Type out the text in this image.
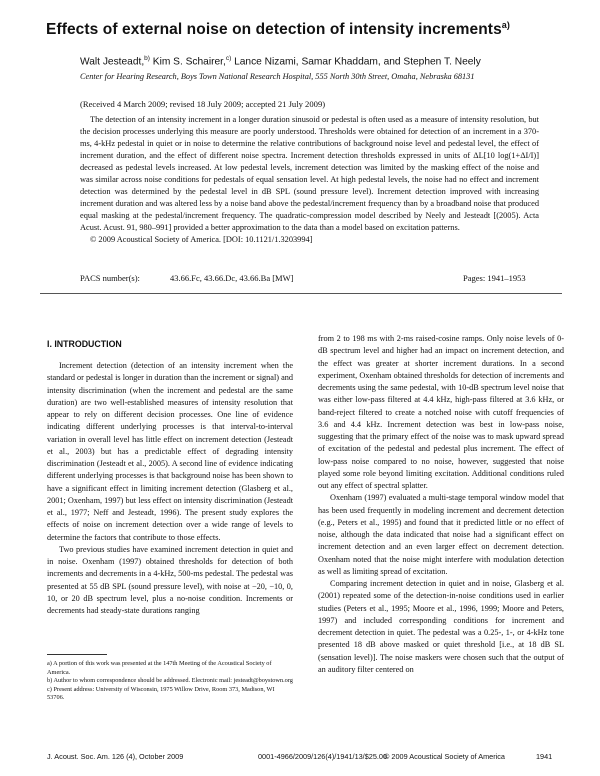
Effects of external noise on detection of intensity increments$^{a)}$
Walt Jesteadt,$^{b)}$ Kim S. Schairer,$^{c)}$ Lance Nizami, Samar Khaddam, and Stephen T. Neely
Center for Hearing Research, Boys Town National Research Hospital, 555 North 30th Street, Omaha, Nebraska 68131
(Received 4 March 2009; revised 18 July 2009; accepted 21 July 2009)

The detection of an intensity increment in a longer duration sinusoid or pedestal is often used as a measure of intensity resolution, but the decision processes underlying this measure are poorly understood. Thresholds were obtained for detection of an increment in a 370-ms, 4-kHz pedestal in quiet or in noise to determine the relative contributions of background noise level and pedestal level, the effect of increment duration, and the effect of different noise spectra. Increment detection thresholds expressed in units of ΔL[10 log(1+ΔI/I)] decreased as pedestal levels increased. At low pedestal levels, increment detection was limited by the masking effect of the noise and was similar across noise conditions for pedestals of equal sensation level. At high pedestal levels, the noise had no effect and increment detection was determined by the pedestal level in dB SPL (sound pressure level). Increment detection improved with increasing increment duration and was altered less by a noise band above the pedestal/increment frequency than by a broadband noise that produced equal masking at the pedestal/increment frequency. The quadratic-compression model described by Neely and Jesteadt [(2005). Acta Acust. Acust. 91, 980–991] provided a better approximation to the data than a model based on excitation patterns.

© 2009 Acoustical Society of America. [DOI: 10.1121/1.3203994]

PACS number(s):	43.66.Fc, 43.66.Dc, 43.66.Ba [MW]	Pages: 1941–1953
I. INTRODUCTION

Increment detection (detection of an intensity increment when the standard or pedestal is longer in duration than the increment or signal) and intensity discrimination (when the increment and pedestal are the same duration) are two well-established measures of intensity resolution that appear to rely on different decision processes. One line of evidence indicating different underlying processes is that interval-to-interval variation in overall level has little effect on increment detection (Jesteadt et al., 2003) but has a predictable effect of degrading intensity discrimination (Jesteadt et al., 2005). A second line of evidence indicating different underlying processes is that background noise has been shown to have a significant effect in limiting increment detection (Glasberg et al., 2001; Oxenham, 1997) but less effect on intensity discrimination (Jesteadt et al., 1977; Neff and Jesteadt, 1996). The present study explores the effects of noise on increment detection over a wide range of levels to determine the factors that contribute to those effects.

Two previous studies have examined increment detection in quiet and in noise. Oxenham (1997) obtained thresholds for detection of both increments and decrements in a 4-kHz, 500-ms pedestal. The pedestal was presented at 55 dB SPL (sound pressure level), with noise at −20, −10, 0, 10, or 20 dB spectrum level, plus a no-noise condition. Increments or decrements had steady-state durations ranging

from 2 to 198 ms with 2-ms raised-cosine ramps. Only noise levels of 0-dB spectrum level and higher had an impact on increment detection, and the effect was greater at shorter increment durations. In a second experiment, Oxenham obtained thresholds for detection of increments and decrements using the same pedestal, with 10-dB spectrum level noise that was either low-pass filtered at 4.4 kHz, high-pass filtered at 3.6 kHz, or band-reject filtered to create a notched noise with cutoff frequencies of 3.6 and 4.4 kHz. Increment detection was best in low-pass noise, suggesting that the primary effect of the noise was to mask upward spread of excitation of the pedestal and pedestal plus increment. The effect of low-pass noise compared to no noise, however, suggested that noise played some role beyond limiting excitation. Additional conditions ruled out any effect of spectral splatter.

Oxenham (1997) evaluated a multi-stage temporal window model that has been used frequently in modeling increment and decrement detection (e.g., Peters et al., 1995) and found that it predicted little or no effect of noise, although the data indicated that noise had a significant effect on increment detection and an even larger effect on decrement detection. Oxenham noted that the noise might interfere with modulation detection as well as limiting spread of excitation.

Comparing increment detection in quiet and in noise, Glasberg et al. (2001) repeated some of the detection-in-noise conditions used in earlier studies (Peters et al., 1995; Moore et al., 1996, 1999; Moore and Peters, 1997) and included corresponding conditions for increment and decrement detection in quiet. The pedestal was a 0.25-, 1-, or 4-kHz tone presented 18 dB above masked or quiet threshold [i.e., at 18 dB SL (sensation level)]. The noise maskers were chosen such that the output of an auditory filter centered on

a) A portion of this work was presented at the 147th Meeting of the Acoustical Society of America.

b) Author to whom correspondence should be addressed. Electronic mail: jesteadt@boystown.org

c) Present address: University of Wisconsin, 1975 Willow Drive, Room 373, Madison, WI 53706.

J. Acoust. Soc. Am. 126 (4), October 2009	0001-4966/2009/126(4)/1941/13/$25.00
© 2009 Acoustical Society of America	1941
